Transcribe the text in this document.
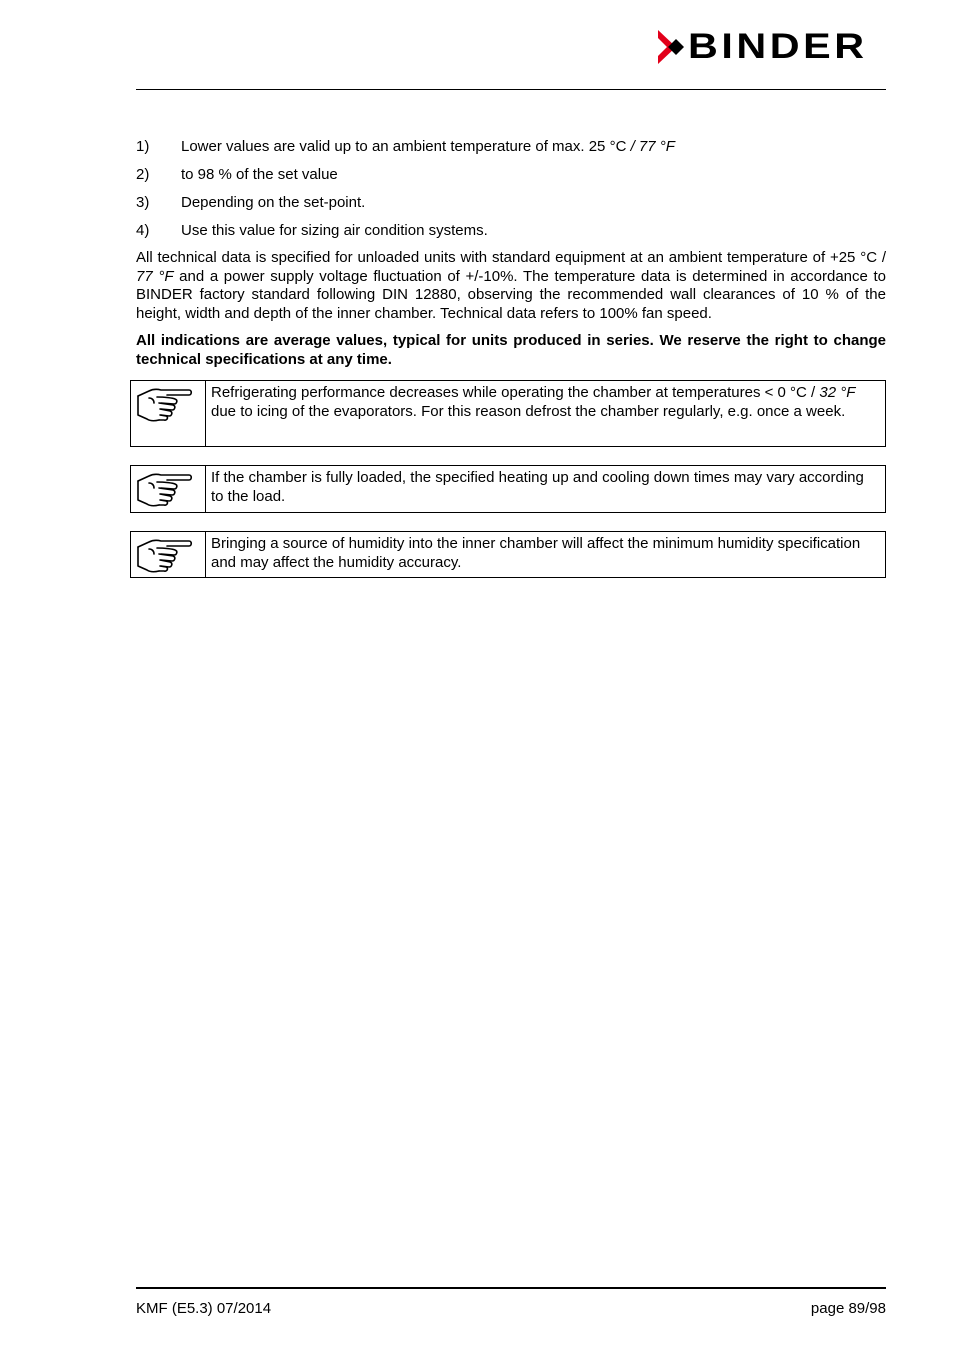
BINDER
1) Lower values are valid up to an ambient temperature of max. 25 °C / 77 °F
2) to 98 % of the set value
3) Depending on the set-point.
4) Use this value for sizing air condition systems.

All technical data is specified for unloaded units with standard equipment at an ambient temperature of +25 °C / 77 °F and a power supply voltage fluctuation of +/-10%. The temperature data is determined in accordance to BINDER factory standard following DIN 12880, observing the recommended wall clearances of 10 % of the height, width and depth of the inner chamber. Technical data refers to 100% fan speed.

All indications are average values, typical for units produced in series. We reserve the right to change technical specifications at any time.

Refrigerating performance decreases while operating the chamber at temperatures < 0 °C / 32 °F due to icing of the evaporators. For this reason defrost the chamber regularly, e.g. once a week.
If the chamber is fully loaded, the specified heating up and cooling down times may vary according to the load.
Bringing a source of humidity into the inner chamber will affect the minimum humidity specification and may affect the humidity accuracy.
KMF (E5.3) 07/2014	page 89/98
